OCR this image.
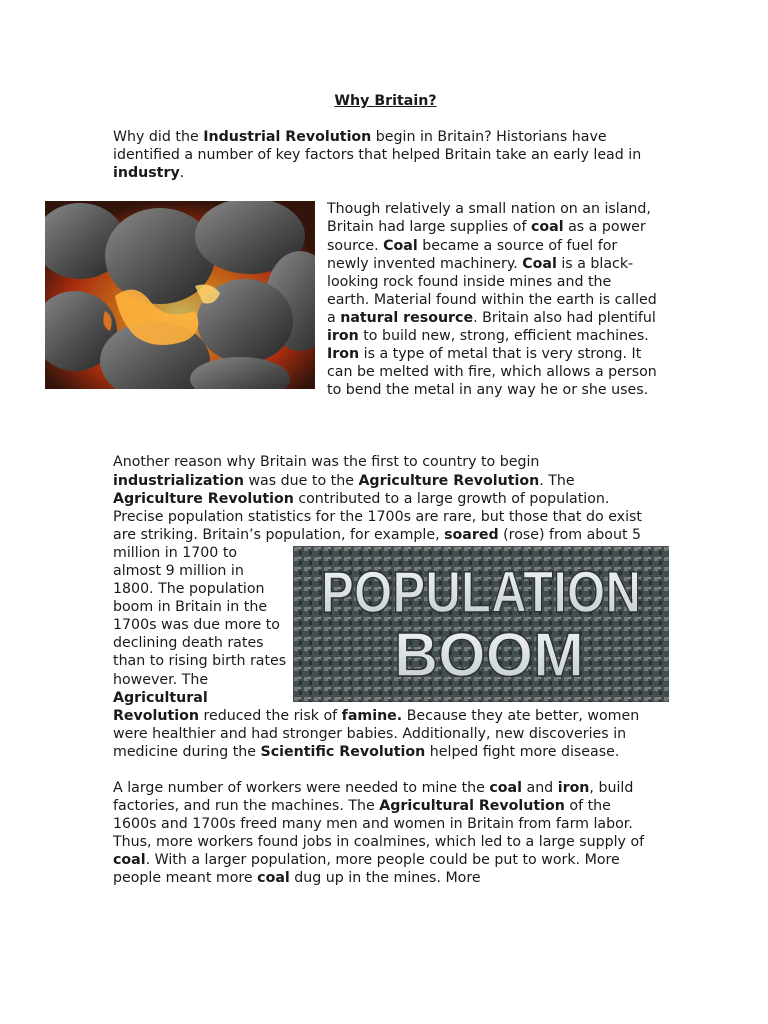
Why Britain?

Why did the Industrial Revolution begin in Britain? Historians have identified a number of key factors that helped Britain take an early lead in industry.

Though relatively a small nation on an island, Britain had large supplies of coal as a power source. Coal became a source of fuel for newly invented machinery. Coal is a black-looking rock found inside mines and the earth. Material found within the earth is called a natural resource. Britain also had plentiful iron to build new, strong, efficient machines. Iron is a type of metal that is very strong. It can be melted with fire, which allows a person to bend the metal in any way he or she uses.

Another reason why Britain was the first to country to begin industrialization was due to the Agriculture Revolution. The Agriculture Revolution contributed to a large growth of population. Precise population statistics for the 1700s are rare, but those that do exist are striking. Britain’s population, for example, soared
POPULATION
BOOM
(rose) from about 5 million in 1700 to almost 9 million in 1800. The population boom in Britain in the 1700s was due more to declining death rates than to rising birth rates however. The Agricultural Revolution reduced the risk of famine. Because they ate better, women were healthier and had stronger babies. Additionally, new discoveries in medicine during the Scientific Revolution helped fight more disease.

A large number of workers were needed to mine the coal and iron, build factories, and run the machines. The Agricultural Revolution of the 1600s and 1700s freed many men and women in Britain from farm labor. Thus, more workers found jobs in coalmines, which led to a large supply of coal. With a larger population, more people could be put to work. More people meant more coal dug up in the mines. More
